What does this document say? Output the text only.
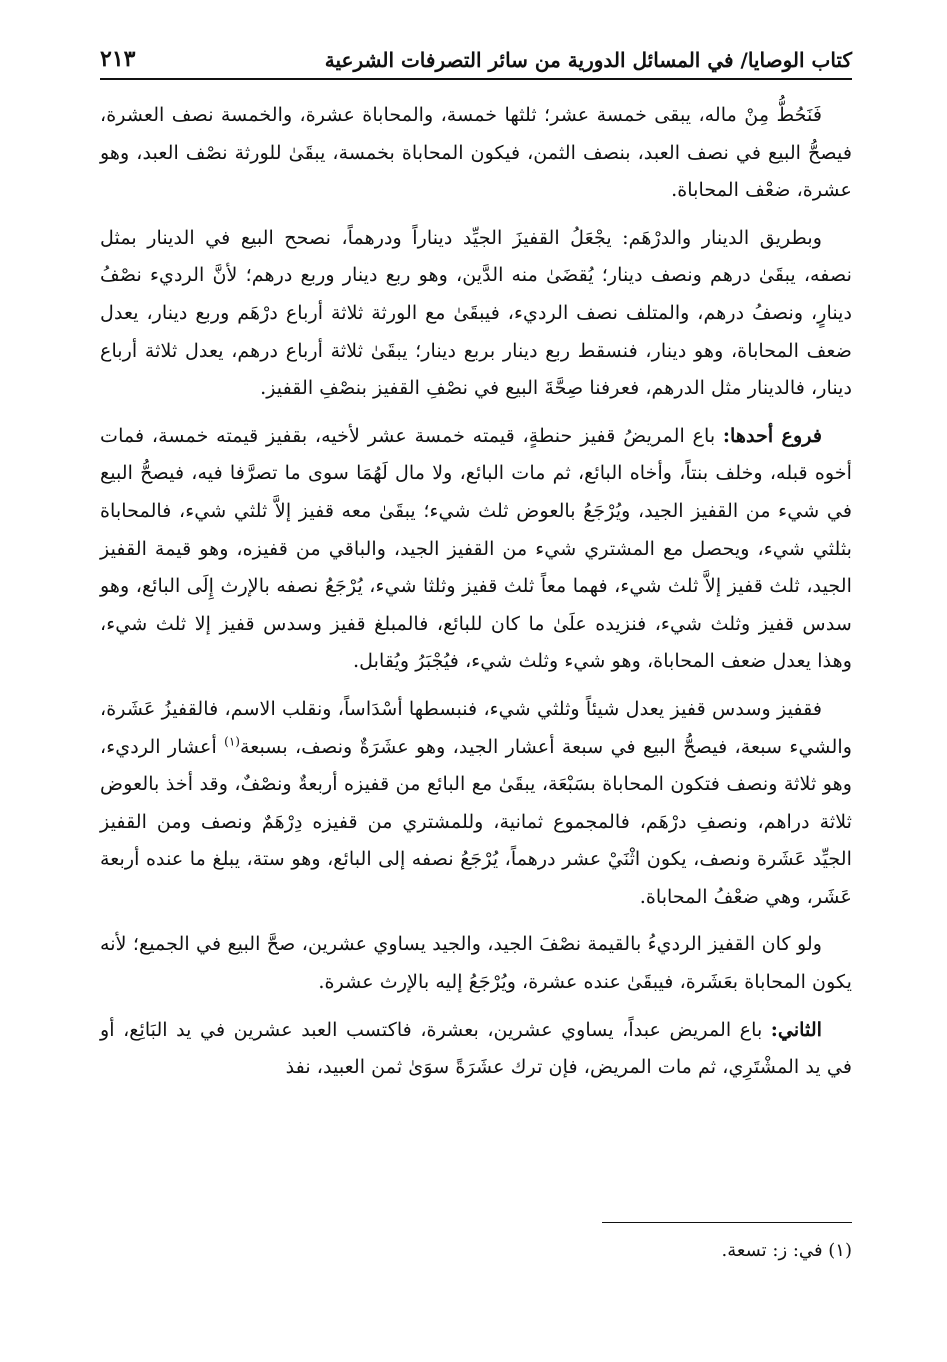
كتاب الوصايا/ في المسائل الدورية من سائر التصرفات الشرعية
٢١٣

فَنَحُطُّ مِنْ ماله، يبقى خمسة عشر؛ ثلثها خمسة، والمحاباة عشرة، والخمسة نصف العشرة، فيصحُّ البيع في نصف العبد، بنصف الثمن، فيكون المحاباة بخمسة، يبقَىٰ للورثة نصْف العبد، وهو عشرة، ضعْف المحاباة.

وبطريق الدينار والدرْهَم: يجْعَلُ القفيزَ الجيِّد ديناراً ودرهماً، نصحح البيع في الدينار بمثل نصفه، يبقَىٰ درهم ونصف دينار؛ يُقضَىٰ منه الدَّين، وهو ربع دينار وربع درهم؛ لأنَّ الرديء نصْفُ دينارٍ، ونصفُ درهم، والمتلف نصف الرديء، فيبقَىٰ مع الورثة ثلاثة أرباع درْهَم وربع دينار، يعدل ضعف المحاباة، وهو دينار، فنسقط ربع دينار بربع دينار؛ يبقَىٰ ثلاثة أرباع درهم، يعدل ثلاثة أرباع دينار، فالدينار مثل الدرهم، فعرفنا صِحَّةَ البيع في نصْفِ القفيز بنصْفِ القفيز.

فروع أحدها: باع المريضُ قفيز حنطةٍ، قيمته خمسة عشر لأخيه، بقفيز قيمته خمسة، فمات أخوه قبله، وخلف بنتاً، وأخاه البائع، ثم مات البائع، ولا مال لَهُمَا سوى ما تصرَّفا فيه، فيصحُّ البيع في شيء من القفيز الجيد، ويُرْجَعُ بالعوض ثلث شيء؛ يبقَىٰ معه قفيز إلاَّ ثلثي شيء، فالمحاباة بثلثي شيء، ويحصل مع المشتري شيء من القفيز الجيد، والباقي من قفيزه، وهو قيمة القفيز الجيد، ثلث قفيز إلاَّ ثلث شيء، فهما معاً ثلث قفيز وثلثا شيء، يُرْجَعُ نصفه بالإرث إِلَى البائع، وهو سدس قفيز وثلث شيء، فنزيده علَىٰ ما كان للبائع، فالمبلغ قفيز وسدس قفيز إلا ثلث شيء، وهذا يعدل ضعف المحاباة، وهو شيء وثلث شيء، فيُجْبَرُ ويُقابل.

فقفيز وسدس قفيز يعدل شيئاً وثلثي شيء، فنبسطها أسْدَاساً، ونقلب الاسم، فالقفيزُ عَشَرة، والشيء سبعة، فيصحُّ البيع في سبعة أعشار الجيد، وهو عشَرَةٌ ونصف، بسبعة$^{(١)}$ أعشار الرديء، وهو ثلاثة ونصف فتكون المحاباة بسَبْعَة، يبقَىٰ مع البائع من قفيزه أربعةٌ ونصْفٌ، وقد أخذ بالعوض ثلاثة دراهم، ونصفِ درْهَم، فالمجموع ثمانية، وللمشتري من قفيزه دِرْهَمٌ ونصف ومن القفيز الجيِّد عَشَرة ونصف، يكون اثْنَيْ عشر درهماً، يُرْجَعُ نصفه إلى البائع، وهو ستة، يبلغ ما عنده أربعة عَشَر، وهي ضعْفُ المحاباة.

ولو كان القفيز الرديءُ بالقيمة نصْفَ الجيد، والجيد يساوي عشرين، صحَّ البيع في الجميع؛ لأنه يكون المحاباة بعَشَرة، فيبقَىٰ عنده عشرة، ويُرْجَعُ إليه بالإرث عشرة.

الثاني: باع المريض عبداً، يساوي عشرين، بعشرة، فاكتسب العبد عشرين في يد البَائِع، أو في يد المشْتَرِي، ثم مات المريض، فإن ترك عشَرَةً سوَىٰ ثمن العبيد، نفذ

(١) في: ز: تسعة.
